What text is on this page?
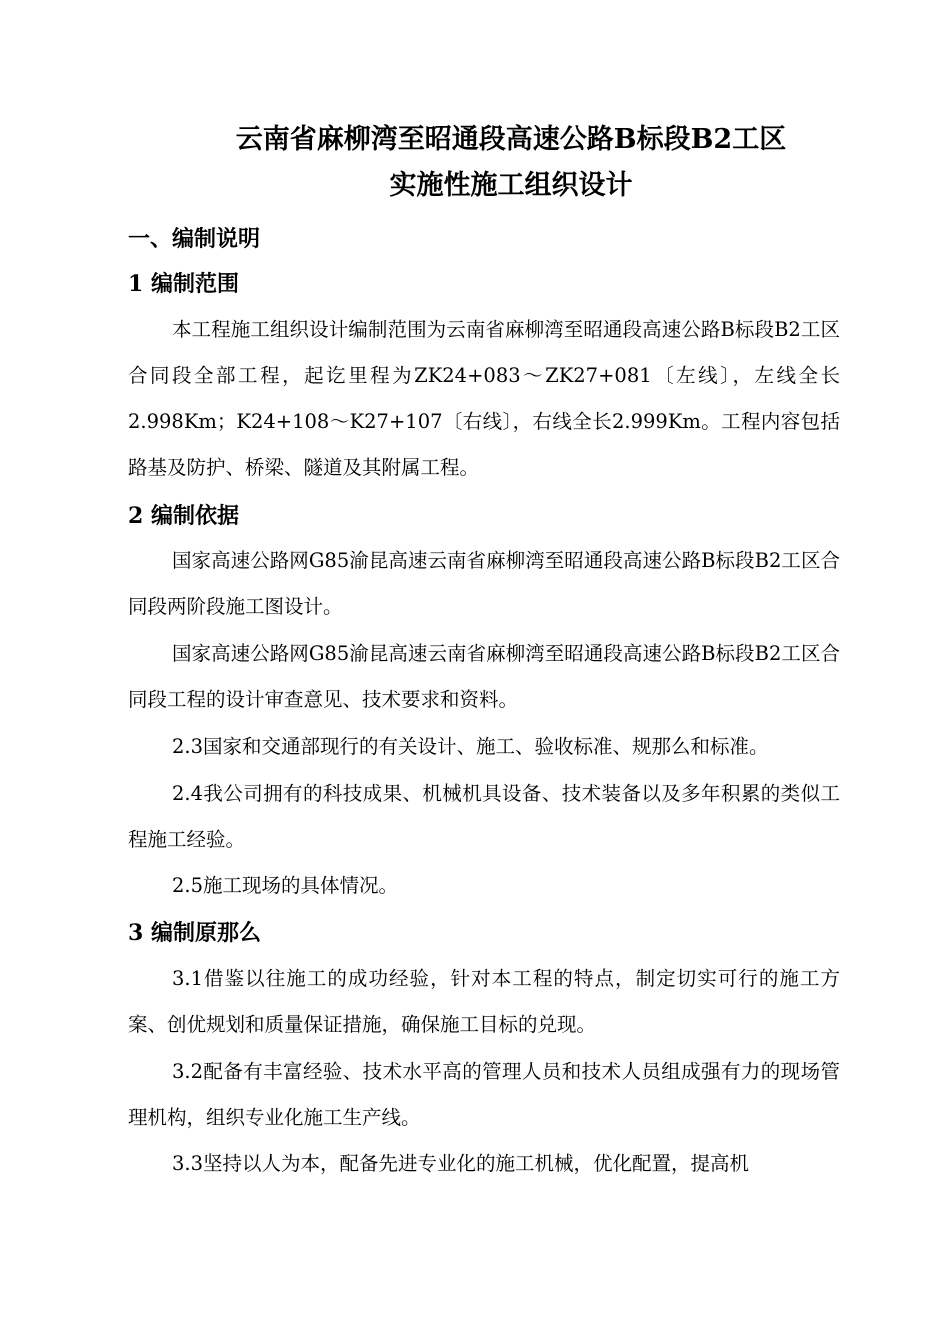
云南省麻柳湾至昭通段高速公路B标段B2工区
实施性施工组织设计
一、编制说明
1 编制范围
本工程施工组织设计编制范围为云南省麻柳湾至昭通段高速公路B标段B2工区合同段全部工程，起讫里程为ZK24+083～ZK27+081〔左线〕，左线全长2.998Km；K24+108～K27+107〔右线〕，右线全长2.999Km。工程内容包括路基及防护、桥梁、隧道及其附属工程。
2 编制依据
国家高速公路网G85渝昆高速云南省麻柳湾至昭通段高速公路B标段B2工区合同段两阶段施工图设计。
国家高速公路网G85渝昆高速云南省麻柳湾至昭通段高速公路B标段B2工区合同段工程的设计审查意见、技术要求和资料。
2.3国家和交通部现行的有关设计、施工、验收标准、规那么和标准。
2.4我公司拥有的科技成果、机械机具设备、技术装备以及多年积累的类似工程施工经验。
2.5施工现场的具体情况。
3 编制原那么
3.1借鉴以往施工的成功经验，针对本工程的特点，制定切实可行的施工方案、创优规划和质量保证措施，确保施工目标的兑现。
3.2配备有丰富经验、技术水平高的管理人员和技术人员组成强有力的现场管理机构，组织专业化施工生产线。
3.3坚持以人为本，配备先进专业化的施工机械，优化配置，提高机
